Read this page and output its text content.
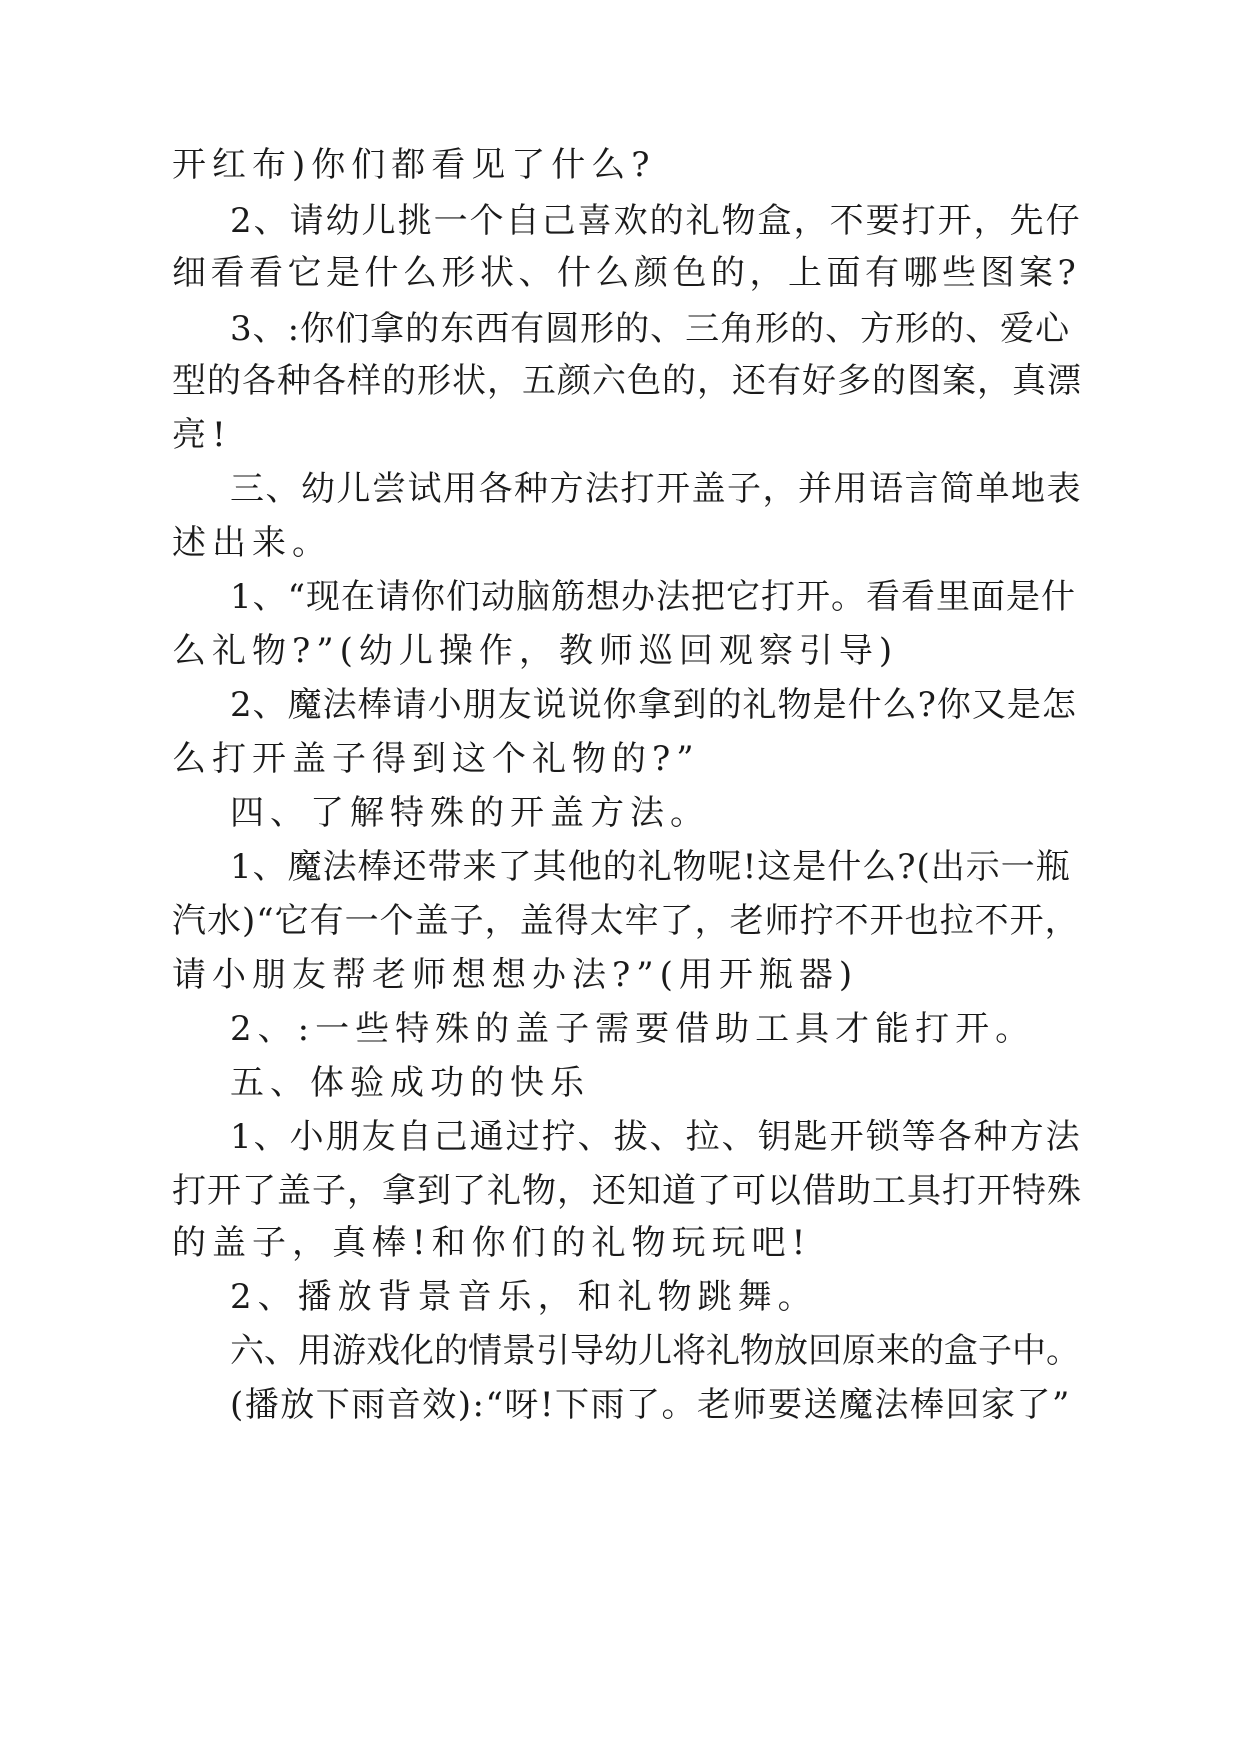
开红布)你们都看见了什么?
2、请幼儿挑一个自己喜欢的礼物盒，不要打开，先仔
细看看它是什么形状、什么颜色的，上面有哪些图案?
3、:你们拿的东西有圆形的、三角形的、方形的、爱心
型的各种各样的形状，五颜六色的，还有好多的图案，真漂
亮!
三、幼儿尝试用各种方法打开盖子，并用语言简单地表
述出来。
1、“现在请你们动脑筋想办法把它打开。看看里面是什
么礼物?”(幼儿操作，教师巡回观察引导)
2、魔法棒请小朋友说说你拿到的礼物是什么?你又是怎
么打开盖子得到这个礼物的?”
四、了解特殊的开盖方法。
1、魔法棒还带来了其他的礼物呢!这是什么?(出示一瓶
汽水)“它有一个盖子，盖得太牢了，老师拧不开也拉不开，
请小朋友帮老师想想办法?”(用开瓶器)
2、:一些特殊的盖子需要借助工具才能打开。
五、体验成功的快乐
1、小朋友自己通过拧、拔、拉、钥匙开锁等各种方法
打开了盖子，拿到了礼物，还知道了可以借助工具打开特殊
的盖子，真棒!和你们的礼物玩玩吧!
2、播放背景音乐，和礼物跳舞。
六、用游戏化的情景引导幼儿将礼物放回原来的盒子中。
(播放下雨音效):“呀!下雨了。老师要送魔法棒回家了”
